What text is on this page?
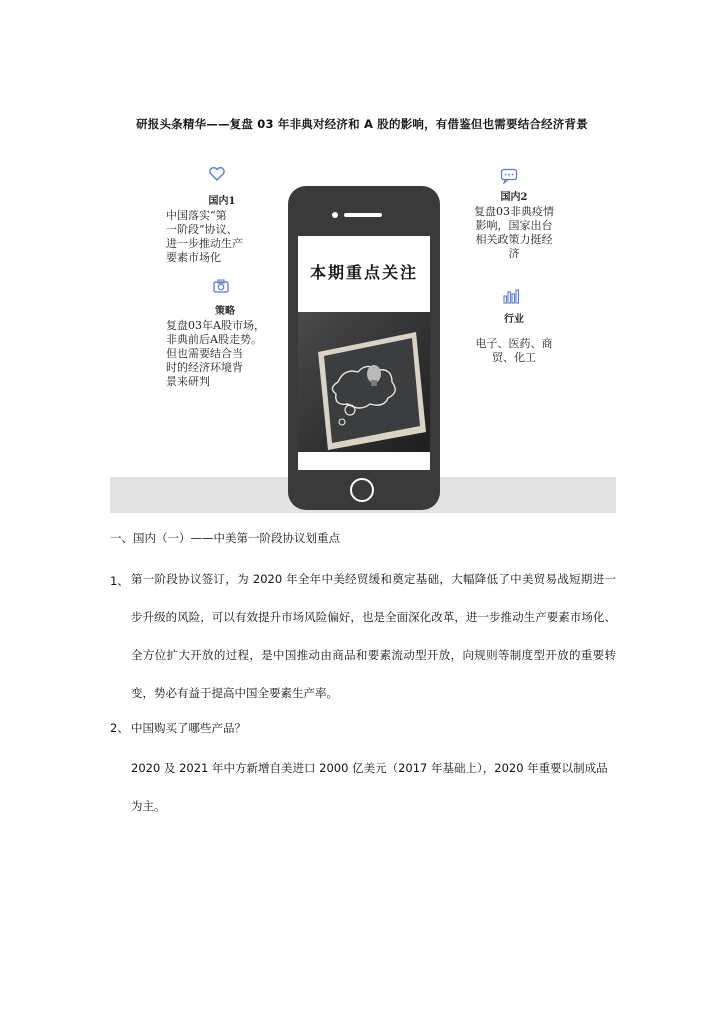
研报头条精华——复盘 03 年非典对经济和 A 股的影响，有借鉴但也需要结合经济背景
国内1
中国落实“第
一阶段”协议、
进一步推动生产
要素市场化
策略
复盘03年A股市场，
非典前后A股走势。
但也需要结合当
时的经济环境背
景来研判
本期重点关注
国内2
复盘03非典疫情
影响，国家出台
相关政策力挺经
济
行业
电子、医药、商
贸、化工
一、国内（一）——中美第一阶段协议划重点
1、 第一阶段协议签订，为 2020 年全年中美经贸缓和奠定基础，大幅降低了中美贸易战短期进一步升级的风险，可以有效提升市场风险偏好，也是全面深化改革，进一步推动生产要素市场化、全方位扩大开放的过程，是中国推动由商品和要素流动型开放，向规则等制度型开放的重要转变，势必有益于提高中国全要素生产率。
2、 中国购买了哪些产品？
2020 及 2021 年中方新增自美进口 2000 亿美元（2017 年基础上），2020 年重要以制成品为主。
